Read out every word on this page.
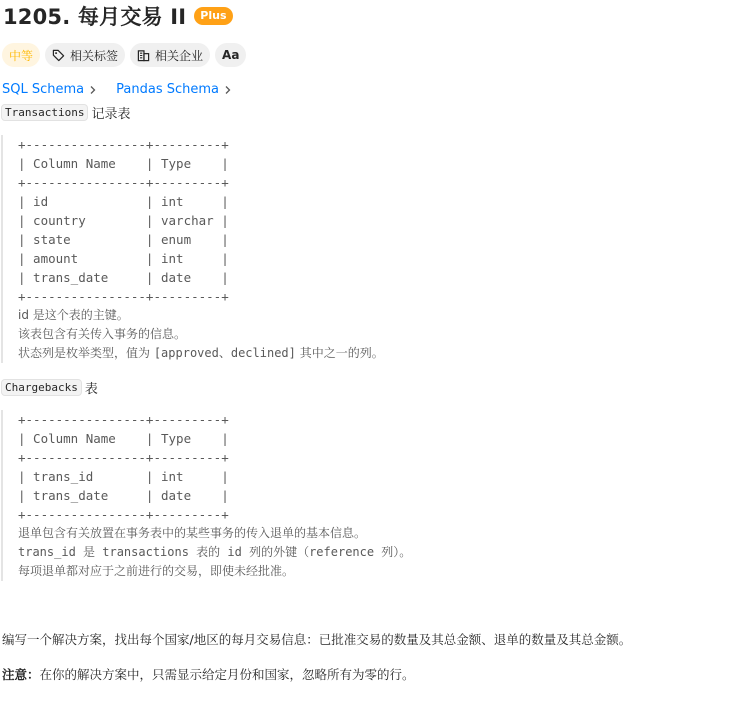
1205. 每月交易 II	Plus
中等	相关标签	相关企业 Aa
SQL Schema Pandas Schema
Transactions 记录表
+----------------+---------+
| Column Name    | Type    |
+----------------+---------+
| id             | int     |
| country        | varchar |
| state          | enum    |
| amount         | int     |
| trans_date     | date    |
+----------------+---------+
id 是这个表的主键。
该表包含有关传入事务的信息。
状态列是枚举类型，值为 [approved、declined] 其中之一的列。
Chargebacks 表
+----------------+---------+
| Column Name    | Type    |
+----------------+---------+
| trans_id       | int     |
| trans_date     | date    |
+----------------+---------+
退单包含有关放置在事务表中的某些事务的传入退单的基本信息。
trans_id 是 transactions 表的 id 列的外键（reference 列）。
每项退单都对应于之前进行的交易，即使未经批准。
编写一个解决方案，找出每个国家/地区的每月交易信息：已批准交易的数量及其总金额、退单的数量及其总金额。
注意：在你的解决方案中，只需显示给定月份和国家，忽略所有为零的行。
